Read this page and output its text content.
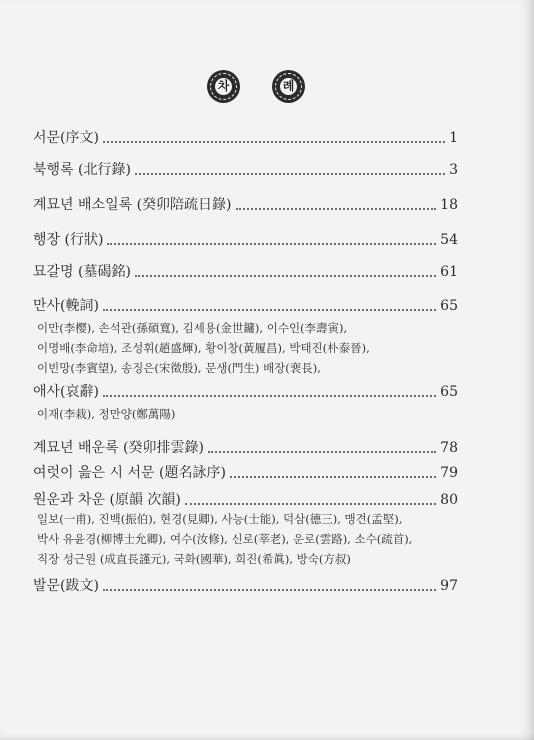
차	례
서문(序文)	1
북행록 (北行錄)	3
계묘년 배소일록 (癸卯陪疏日錄)	18
행장 (行狀)	54
묘갈명 (墓碣銘)	61
만사(輓詞)	65
이만(李樱), 손석관(孫碩寬), 김세용(金世鏞), 이수인(李壽寅),
이명배(李命培), 조성휘(趙盛輝), 황이창(黃履昌), 박태진(朴泰晉),
이빈망(李賓望), 송징은(宋徵殷), 문생(門生) 배장(裵長),
애사(哀辭)	65
이재(李栽), 정만양(鄭萬陽)
계묘년 배운록 (癸卯排雲錄)	78
여럿이 읊은 시 서문 (題名詠序)	79
원운과 차운 (原韻 次韻)	80
일보(一甫), 진백(振伯), 현경(見卿), 사능(士能), 덕삼(德三), 맹견(孟堅),
박사 유윤경(柳博士允卿), 여수(汝修), 신로(莘老), 운로(雲路), 소수(疏首),
직장 성근원 (成直長謹元), 국화(國華), 희진(希眞), 방숙(方叔)
발문(跋文)	97
